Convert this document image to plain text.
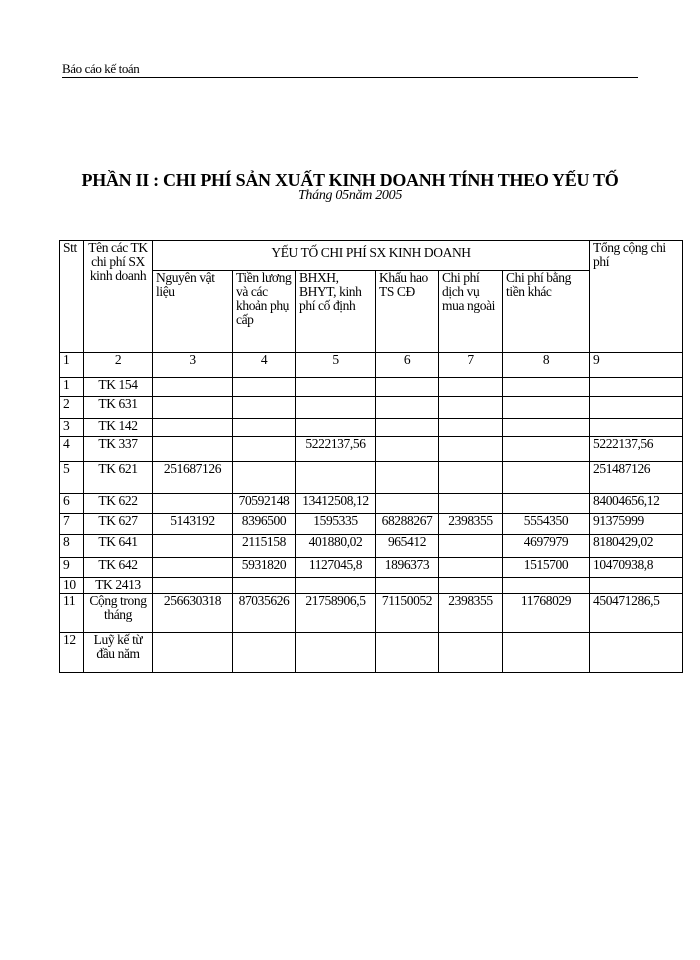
Báo cáo kế toán
PHẦN II : CHI PHÍ SẢN XUẤT KINH DOANH TÍNH THEO YẾU TỐ
Tháng 05năm 2005
Stt	Tên các TK chi phí SX kinh doanh	YẾU TỐ CHI PHÍ SX KINH DOANH						Tổng cộng chi phí
		Nguyên vật liệu	Tiền lương và các khoản phụ cấp	BHXH, BHYT, kinh phí cố định	Khấu hao TS CĐ	Chi phí dịch vụ mua ngoài	Chi phí bằng tiền khác	
1	2	3	4	5	6	7	8	9
1	TK 154							
2	TK 631							
3	TK 142							
4	TK 337			5222137,56				5222137,56
5	TK 621	251687126						251487126
6	TK 622		70592148	13412508,12				84004656,12
7	TK 627	5143192	8396500	1595335	68288267	2398355	5554350	91375999
8	TK 641		2115158	401880,02	965412		4697979	8180429,02
9	TK 642		5931820	1127045,8	1896373		1515700	10470938,8
10	TK 2413							
11	Cộng trong tháng	256630318	87035626	21758906,5	71150052	2398355	11768029	450471286,5
12	Luỹ kế từ đầu năm							
